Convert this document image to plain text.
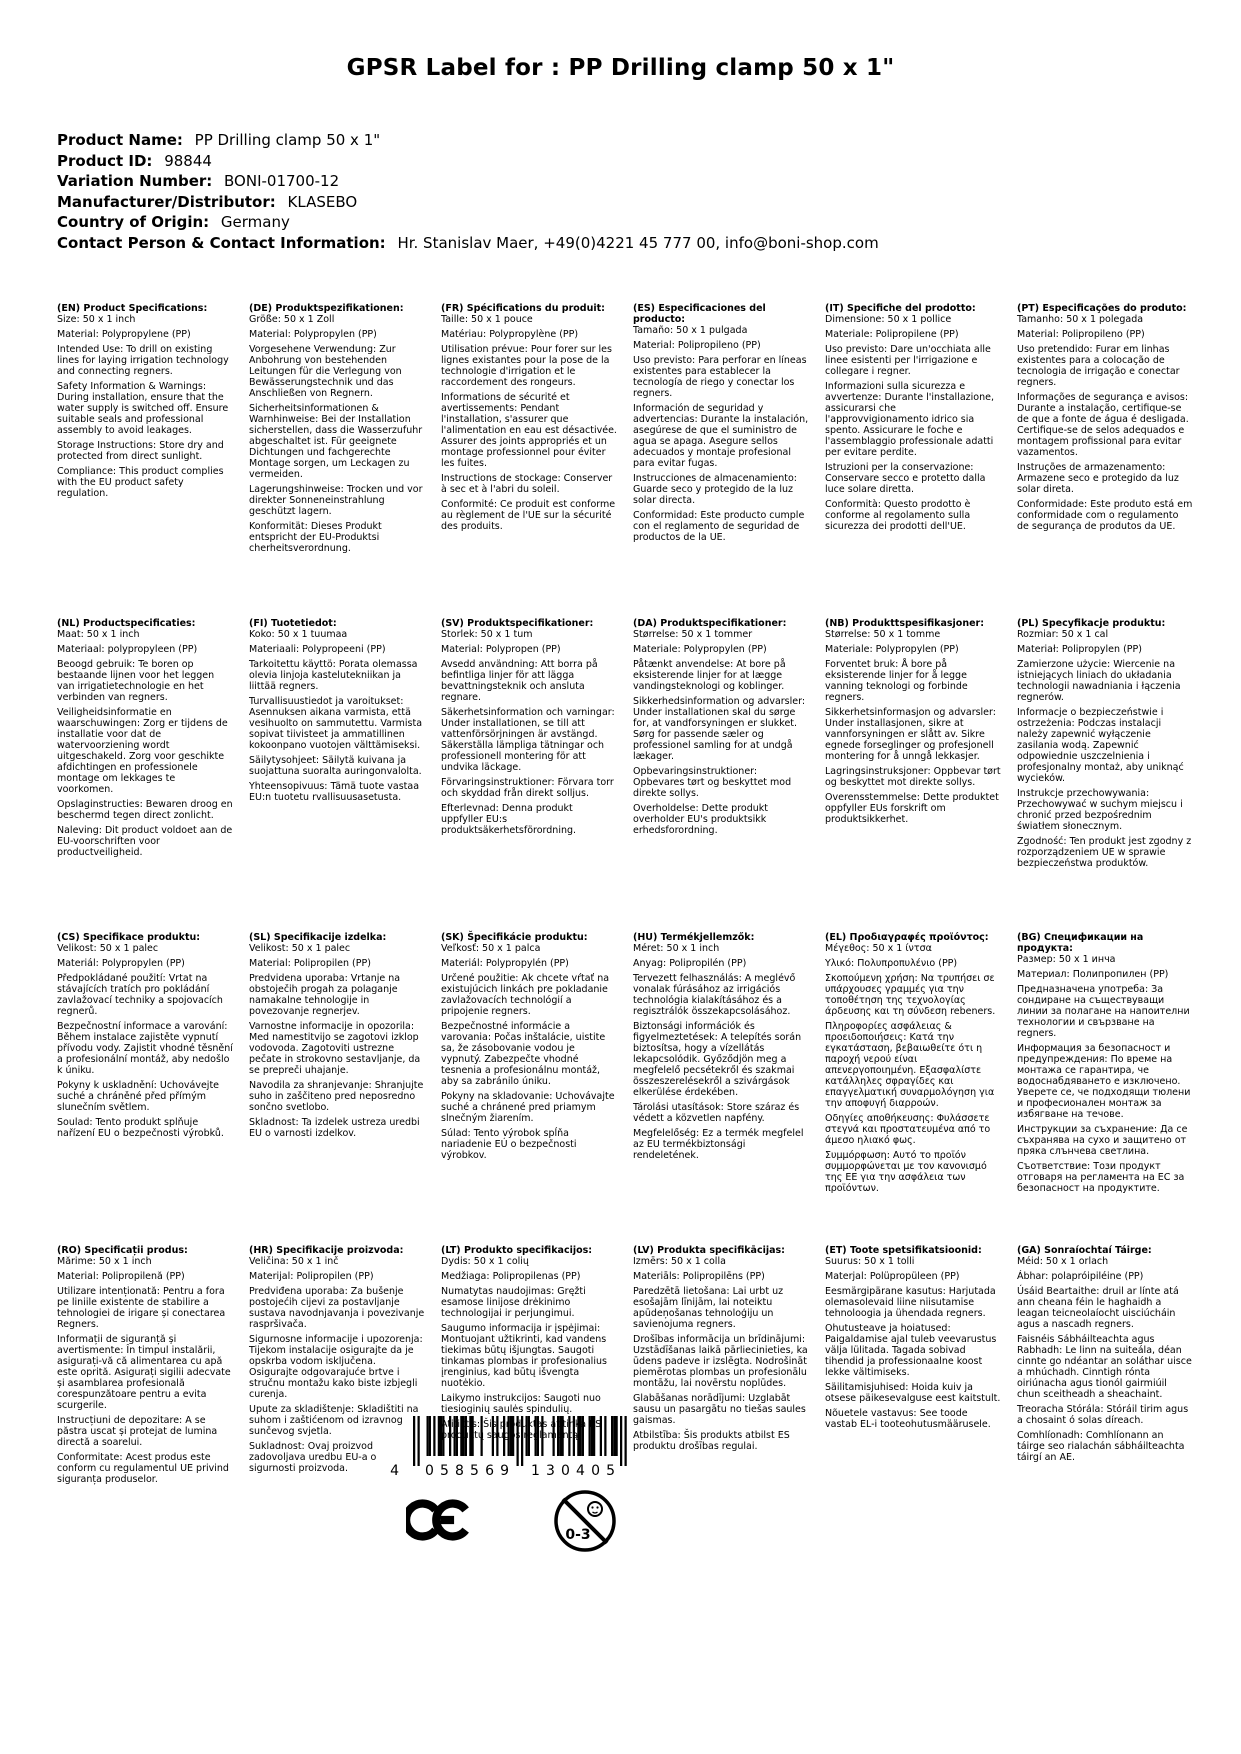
GPSR Label for : PP Drilling clamp 50 x 1"
Product Name: PP Drilling clamp 50 x 1"
Product ID: 98844
Variation Number: BONI-01700-12
Manufacturer/Distributor: KLASEBO
Country of Origin: Germany
Contact Person & Contact Information: Hr. Stanislav Maer, +49(0)4221 45 777 00, info@boni-shop.com
(EN) Product Specifications:

Size: 50 x 1 inch

Material: Polypropylene (PP)

Intended Use: To drill on existing lines for laying irrigation technology and connecting regners.

Safety Information & Warnings: During installation, ensure that the water supply is switched off. Ensure suitable seals and professional assembly to avoid leakages.

Storage Instructions: Store dry and protected from direct sunlight.

Compliance: This product complies with the EU product safety regulation.

(DE) Produktspezifikationen:

Größe: 50 x 1 Zoll

Material: Polypropylen (PP)

Vorgesehene Verwendung: Zur Anbohrung von bestehenden Leitungen für die Verlegung von Bewässerungstechnik und das Anschließen von Regnern.

Sicherheitsinformationen & Warnhinweise: Bei der Installation sicherstellen, dass die Wasserzufuhr abgeschaltet ist. Für geeignete Dichtungen und fachgerechte Montage sorgen, um Leckagen zu vermeiden.

Lagerungshinweise: Trocken und vor direkter Sonneneinstrahlung geschützt lagern.

Konformität: Dieses Produkt entspricht der EU-Produktsi cherheitsverordnung.

(FR) Spécifications du produit:

Taille: 50 x 1 pouce

Matériau: Polypropylène (PP)

Utilisation prévue: Pour forer sur les lignes existantes pour la pose de la technologie d'irrigation et le raccordement des rongeurs.

Informations de sécurité et avertissements: Pendant l'installation, s'assurer que l'alimentation en eau est désactivée. Assurer des joints appropriés et un montage professionnel pour éviter les fuites.

Instructions de stockage: Conserver à sec et à l'abri du soleil.

Conformité: Ce produit est conforme au règlement de l'UE sur la sécurité des produits.

(ES) Especificaciones del producto:

Tamaño: 50 x 1 pulgada

Material: Polipropileno (PP)

Uso previsto: Para perforar en líneas existentes para establecer la tecnología de riego y conectar los regners.

Información de seguridad y advertencias: Durante la instalación, asegúrese de que el suministro de agua se apaga. Asegure sellos adecuados y montaje profesional para evitar fugas.

Instrucciones de almacenamiento: Guarde seco y protegido de la luz solar directa.

Conformidad: Este producto cumple con el reglamento de seguridad de productos de la UE.

(IT) Specifiche del prodotto:

Dimensione: 50 x 1 pollice

Materiale: Polipropilene (PP)

Uso previsto: Dare un'occhiata alle linee esistenti per l'irrigazione e collegare i regner.

Informazioni sulla sicurezza e avvertenze: Durante l'installazione, assicurarsi che l'approvvigionamento idrico sia spento. Assicurare le foche e l'assemblaggio professionale adatti per evitare perdite.

Istruzioni per la conservazione: Conservare secco e protetto dalla luce solare diretta.

Conformità: Questo prodotto è conforme al regolamento sulla sicurezza dei prodotti dell'UE.

(PT) Especificações do produto:

Tamanho: 50 x 1 polegada

Material: Polipropileno (PP)

Uso pretendido: Furar em linhas existentes para a colocação de tecnologia de irrigação e conectar regners.

Informações de segurança e avisos: Durante a instalação, certifique-se de que a fonte de água é desligada. Certifique-se de selos adequados e montagem profissional para evitar vazamentos.

Instruções de armazenamento: Armazene seco e protegido da luz solar direta.

Conformidade: Este produto está em conformidade com o regulamento de segurança de produtos da UE.

(NL) Productspecificaties:

Maat: 50 x 1 inch

Materiaal: polypropyleen (PP)

Beoogd gebruik: Te boren op bestaande lijnen voor het leggen van irrigatietechnologie en het verbinden van regners.

Veiligheidsinformatie en waarschuwingen: Zorg er tijdens de installatie voor dat de watervoorziening wordt uitgeschakeld. Zorg voor geschikte afdichtingen en professionele montage om lekkages te voorkomen.

Opslaginstructies: Bewaren droog en beschermd tegen direct zonlicht.

Naleving: Dit product voldoet aan de EU-voorschriften voor productveiligheid.

(FI) Tuotetiedot:

Koko: 50 x 1 tuumaa

Materiaali: Polypropeeni (PP)

Tarkoitettu käyttö: Porata olemassa olevia linjoja kastelutekniikan ja liittää regners.

Turvallisuustiedot ja varoitukset: Asennuksen aikana varmista, että vesihuolto on sammutettu. Varmista sopivat tiivisteet ja ammatillinen kokoonpano vuotojen välttämiseksi.

Säilytysohjeet: Säilytä kuivana ja suojattuna suoralta auringonvalolta.

Yhteensopivuus: Tämä tuote vastaa EU:n tuotetu rvallisuusasetusta.

(SV) Produktspecifikationer:

Storlek: 50 x 1 tum

Material: Polypropen (PP)

Avsedd användning: Att borra på befintliga linjer för att lägga bevattningsteknik och ansluta regnare.

Säkerhetsinformation och varningar: Under installationen, se till att vattenförsörjningen är avstängd. Säkerställa lämpliga tätningar och professionell montering för att undvika läckage.

Förvaringsinstruktioner: Förvara torr och skyddad från direkt solljus.

Efterlevnad: Denna produkt uppfyller EU:s produktsäkerhetsförordning.

(DA) Produktspecifikationer:

Størrelse: 50 x 1 tommer

Materiale: Polypropylen (PP)

Påtænkt anvendelse: At bore på eksisterende linjer for at lægge vandingsteknologi og koblinger.

Sikkerhedsinformation og advarsler: Under installationen skal du sørge for, at vandforsyningen er slukket. Sørg for passende sæler og professionel samling for at undgå lækager.

Opbevaringsinstruktioner: Opbevares tørt og beskyttet mod direkte sollys.

Overholdelse: Dette produkt overholder EU's produktsikk erhedsforordning.

(NB) Produkttspesifikasjoner:

Størrelse: 50 x 1 tomme

Materiale: Polypropylen (PP)

Forventet bruk: Å bore på eksisterende linjer for å legge vanning teknologi og forbinde regners.

Sikkerhetsinformasjon og advarsler: Under installasjonen, sikre at vannforsyningen er slått av. Sikre egnede forseglinger og profesjonell montering for å unngå lekkasjer.

Lagringsinstruksjoner: Oppbevar tørt og beskyttet mot direkte sollys.

Overensstemmelse: Dette produktet oppfyller EUs forskrift om produktsikkerhet.

(PL) Specyfikacje produktu:

Rozmiar: 50 x 1 cal

Materiał: Polipropylen (PP)

Zamierzone użycie: Wiercenie na istniejących liniach do układania technologii nawadniania i łączenia regnerów.

Informacje o bezpieczeństwie i ostrzeżenia: Podczas instalacji należy zapewnić wyłączenie zasilania wodą. Zapewnić odpowiednie uszczelnienia i profesjonalny montaż, aby uniknąć wycieków.

Instrukcje przechowywania: Przechowywać w suchym miejscu i chronić przed bezpośrednim światłem słonecznym.

Zgodność: Ten produkt jest zgodny z rozporządzeniem UE w sprawie bezpieczeństwa produktów.

(CS) Specifikace produktu:

Velikost: 50 x 1 palec

Materiál: Polypropylen (PP)

Předpokládané použití: Vrtat na stávajících tratích pro pokládání zavlažovací techniky a spojovacích regnerů.

Bezpečnostní informace a varování: Během instalace zajistěte vypnutí přívodu vody. Zajistit vhodné těsnění a profesionální montáž, aby nedošlo k úniku.

Pokyny k uskladnění: Uchovávejte suché a chráněné před přímým slunečním světlem.

Soulad: Tento produkt splňuje nařízení EU o bezpečnosti výrobků.

(SL) Specifikacije izdelka:

Velikost: 50 x 1 palec

Material: Polipropilen (PP)

Predvidena uporaba: Vrtanje na obstoječih progah za polaganje namakalne tehnologije in povezovanje regnerjev.

Varnostne informacije in opozorila: Med namestitvijo se zagotovi izklop vodovoda. Zagotoviti ustrezne pečate in strokovno sestavljanje, da se prepreči uhajanje.

Navodila za shranjevanje: Shranjujte suho in zaščiteno pred neposredno sončno svetlobo.

Skladnost: Ta izdelek ustreza uredbi EU o varnosti izdelkov.

(SK) Špecifikácie produktu:

Veľkosť: 50 x 1 palca

Materiál: Polypropylén (PP)

Určené použitie: Ak chcete vŕtať na existujúcich linkách pre pokladanie zavlažovacích technológií a pripojenie regners.

Bezpečnostné informácie a varovania: Počas inštalácie, uistite sa, že zásobovanie vodou je vypnutý. Zabezpečte vhodné tesnenia a profesionálnu montáž, aby sa zabránilo úniku.

Pokyny na skladovanie: Uchovávajte suché a chránené pred priamym slnečným žiarením.

Súlad: Tento výrobok spĺňa nariadenie EÚ o bezpečnosti výrobkov.

(HU) Termékjellemzők:

Méret: 50 x 1 inch

Anyag: Polipropilén (PP)

Tervezett felhasználás: A meglévő vonalak fúrásához az irrigációs technológia kialakításához és a regisztrálók összekapcsolásához.

Biztonsági információk és figyelmeztetések: A telepítés során biztosítsa, hogy a vízellátás lekapcsolódik. Győződjön meg a megfelelő pecsétekről és szakmai összeszerelésekről a szivárgások elkerülése érdekében.

Tárolási utasítások: Store száraz és védett a közvetlen napfény.

Megfelelőség: Ez a termék megfelel az EU termékbiztonsági rendeletének.

(EL) Προδιαγραφές προϊόντος:

Μέγεθος: 50 x 1 ίντσα

Υλικό: Πολυπροπυλένιο (PP)

Σκοπούμενη χρήση: Να τρυπήσει σε υπάρχουσες γραμμές για την τοποθέτηση της τεχνολογίας άρδευσης και τη σύνδεση rebeners.

Πληροφορίες ασφάλειας & προειδοποιήσεις: Κατά την εγκατάσταση, βεβαιωθείτε ότι η παροχή νερού είναι απενεργοποιημένη. Εξασφαλίστε κατάλληλες σφραγίδες και επαγγελματική συναρμολόγηση για την αποφυγή διαρροών.

Οδηγίες αποθήκευσης: Φυλάσσετε στεγνά και προστατευμένα από το άμεσο ηλιακό φως.

Συμμόρφωση: Αυτό το προϊόν συμμορφώνεται με τον κανονισμό της ΕΕ για την ασφάλεια των προϊόντων.

(BG) Спецификации на продукта:

Размер: 50 x 1 инча

Материал: Полипропилен (PP)

Предназначена употреба: За сондиране на съществуващи линии за полагане на напоителни технологии и свързване на regners.

Информация за безопасност и предупреждения: По време на монтажа се гарантира, че водоснабдяването е изключено. Уверете се, че подходящи тюлени и професионален монтаж за избягване на течове.

Инструкции за съхранение: Да се съхранява на сухо и защитено от пряка слънчева светлина.

Съответствие: Този продукт отговаря на регламента на ЕС за безопасност на продуктите.

(RO) Specificații produs:

Mărime: 50 x 1 inch

Material: Polipropilenă (PP)

Utilizare intenționată: Pentru a fora pe liniile existente de stabilire a tehnologiei de irigare și conectarea Regners.

Informații de siguranță și avertismente: În timpul instalării, asigurați-vă că alimentarea cu apă este oprită. Asigurați sigilii adecvate și asamblarea profesională corespunzătoare pentru a evita scurgerile.

Instrucțiuni de depozitare: A se păstra uscat și protejat de lumina directă a soarelui.

Conformitate: Acest produs este conform cu regulamentul UE privind siguranța produselor.

(HR) Specifikacije proizvoda:

Veličina: 50 x 1 inč

Materijal: Polipropilen (PP)

Predviđena uporaba: Za bušenje postojećih cijevi za postavljanje sustava navodnjavanja i povezivanje raspršivača.

Sigurnosne informacije i upozorenja: Tijekom instalacije osigurajte da je opskrba vodom isključena. Osigurajte odgovarajuće brtve i stručnu montažu kako biste izbjegli curenja.

Upute za skladištenje: Skladištiti na suhom i zaštićenom od izravnog sunčevog svjetla.

Sukladnost: Ovaj proizvod zadovoljava uredbu EU-a o sigurnosti proizvoda.

(LT) Produkto specifikacijos:

Dydis: 50 x 1 colių

Medžiaga: Polipropilenas (PP)

Numatytas naudojimas: Gręžti esamose linijose drėkinimo technologijai ir perjungimui.

Saugumo informacija ir įspėjimai: Montuojant užtikrinti, kad vandens tiekimas būtų išjungtas. Saugoti tinkamas plombas ir profesionalius įrenginius, kad būtų išvengta nuotėkio.

Laikymo instrukcijos: Saugoti nuo tiesioginių saulės spindulių.

Šis produktas atitinka reglamentą.

(LV) Produkta specifikācijas:

Izmērs: 50 x 1 colla

Materiāls: Polipropilēns (PP)

Paredzētā lietošana: Lai urbt uz esošajām līnijām, lai noteiktu apūdeņošanas tehnoloģiju un savienojuma regners.

Drošības informācija un brīdinājumi: Uzstādīšanas laikā pārliecinieties, ka ūdens padeve ir izslēgta. Nodrošināt piemērotas plombas un profesionālu montāžu, lai novērstu noplūdes.

Glabāšanas norādījumi: Uzglabāt sausu un pasargātu no tiešas saules gaismas.

Atbilstība: Šis produkts atbilst ES produktu drošības regulai.

(ET) Toote spetsifikatsioonid:

Suurus: 50 x 1 tolli

Materjal: Polüpropüleen (PP)

Eesmärgipärane kasutus: Harjutada olemasolevaid liine niisutamise tehnoloogia ja ühendada regners.

Ohutusteave ja hoiatused: Paigaldamise ajal tuleb veevarustus välja lülitada. Tagada sobivad tihendid ja professionaalne koost lekke vältimiseks.

Säilitamisjuhised: Hoida kuiv ja otsese päikesevalguse eest kaitstult.

Nõuetele vastavus: See toode vastab EL-i tooteohutusmäärusele.

(GA) Sonraíochtaí Táirge:

Méid: 50 x 1 orlach

Ábhar: polapróipiléine (PP)

Úsáid Beartaithe: druil ar línte atá ann cheana féin le haghaidh a leagan teicneolaíocht uisciúcháin agus a nascadh regners.

Faisnéis Sábháilteachta agus Rabhadh: Le linn na suiteála, déan cinnte go ndéantar an soláthar uisce a mhúchadh. Cinntigh rónta oiriúnacha agus tionól gairmiúil chun sceitheadh a sheachaint.

Treoracha Stórála: Stóráil tirim agus a chosaint ó solas díreach.

Comhlíonadh: Comhlíonann an táirge seo rialachán sábháilteachta táirgí an AE.

4 058569 130405
0-3
